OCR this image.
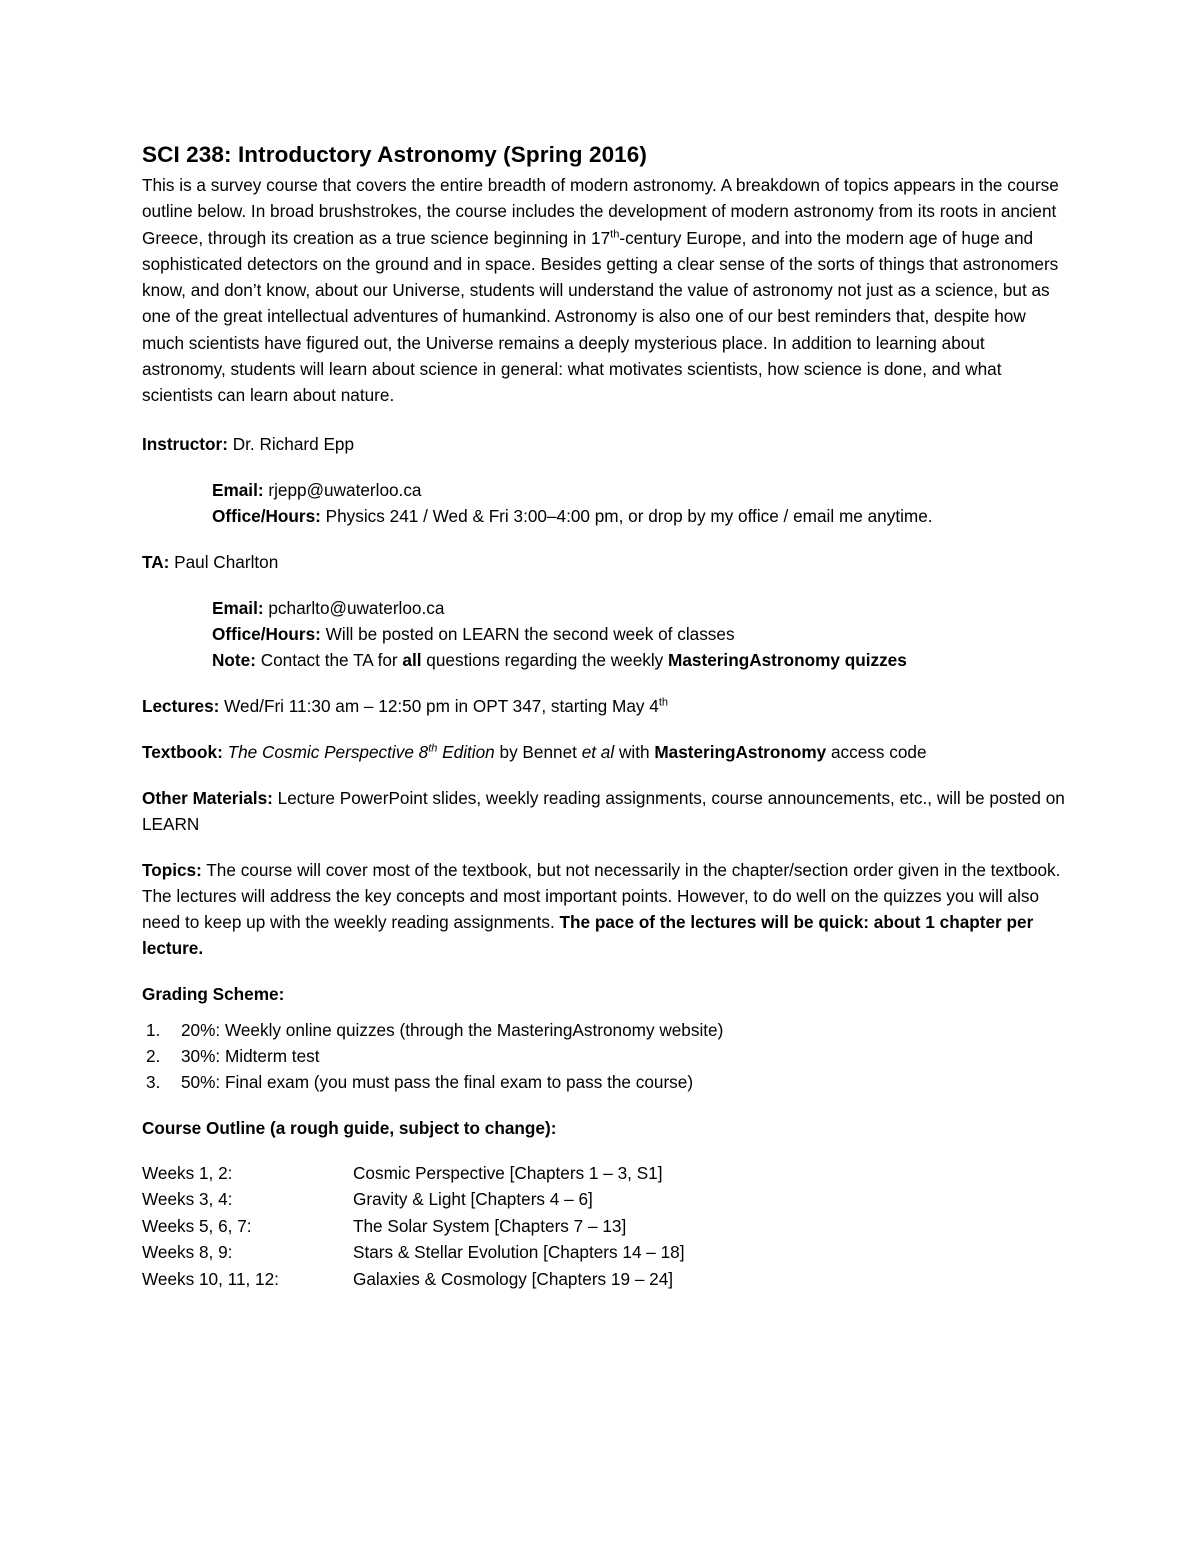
SCI 238: Introductory Astronomy (Spring 2016)

This is a survey course that covers the entire breadth of modern astronomy. A breakdown of topics appears in the course outline below. In broad brushstrokes, the course includes the development of modern astronomy from its roots in ancient Greece, through its creation as a true science beginning in 17th-century Europe, and into the modern age of huge and sophisticated detectors on the ground and in space. Besides getting a clear sense of the sorts of things that astronomers know, and don’t know, about our Universe, students will understand the value of astronomy not just as a science, but as one of the great intellectual adventures of humankind. Astronomy is also one of our best reminders that, despite how much scientists have figured out, the Universe remains a deeply mysterious place. In addition to learning about astronomy, students will learn about science in general: what motivates scientists, how science is done, and what scientists can learn about nature.

Instructor: Dr. Richard Epp
Email: rjepp@uwaterloo.ca
Office/Hours: Physics 241 / Wed & Fri 3:00–4:00 pm, or drop by my office / email me anytime.
TA: Paul Charlton
Email: pcharlto@uwaterloo.ca
Office/Hours: Will be posted on LEARN the second week of classes
Note: Contact the TA for all questions regarding the weekly MasteringAstronomy quizzes
Lectures: Wed/Fri 11:30 am – 12:50 pm in OPT 347, starting May 4th
Textbook: The Cosmic Perspective 8th Edition by Bennet et al with MasteringAstronomy access code
Other Materials: Lecture PowerPoint slides, weekly reading assignments, course announcements, etc., will be posted on LEARN
Topics: The course will cover most of the textbook, but not necessarily in the chapter/section order given in the textbook. The lectures will address the key concepts and most important points. However, to do well on the quizzes you will also need to keep up with the weekly reading assignments. The pace of the lectures will be quick: about 1 chapter per lecture.
Grading Scheme:
1. 20%: Weekly online quizzes (through the MasteringAstronomy website)
2. 30%: Midterm test
3. 50%: Final exam (you must pass the final exam to pass the course)
Course Outline (a rough guide, subject to change):
Weeks 1, 2:	Cosmic Perspective [Chapters 1 – 3, S1]
Weeks 3, 4:	Gravity & Light [Chapters 4 – 6]
Weeks 5, 6, 7:	The Solar System [Chapters 7 – 13]
Weeks 8, 9:	Stars & Stellar Evolution [Chapters 14 – 18]
Weeks 10, 11, 12:	Galaxies & Cosmology [Chapters 19 – 24]
